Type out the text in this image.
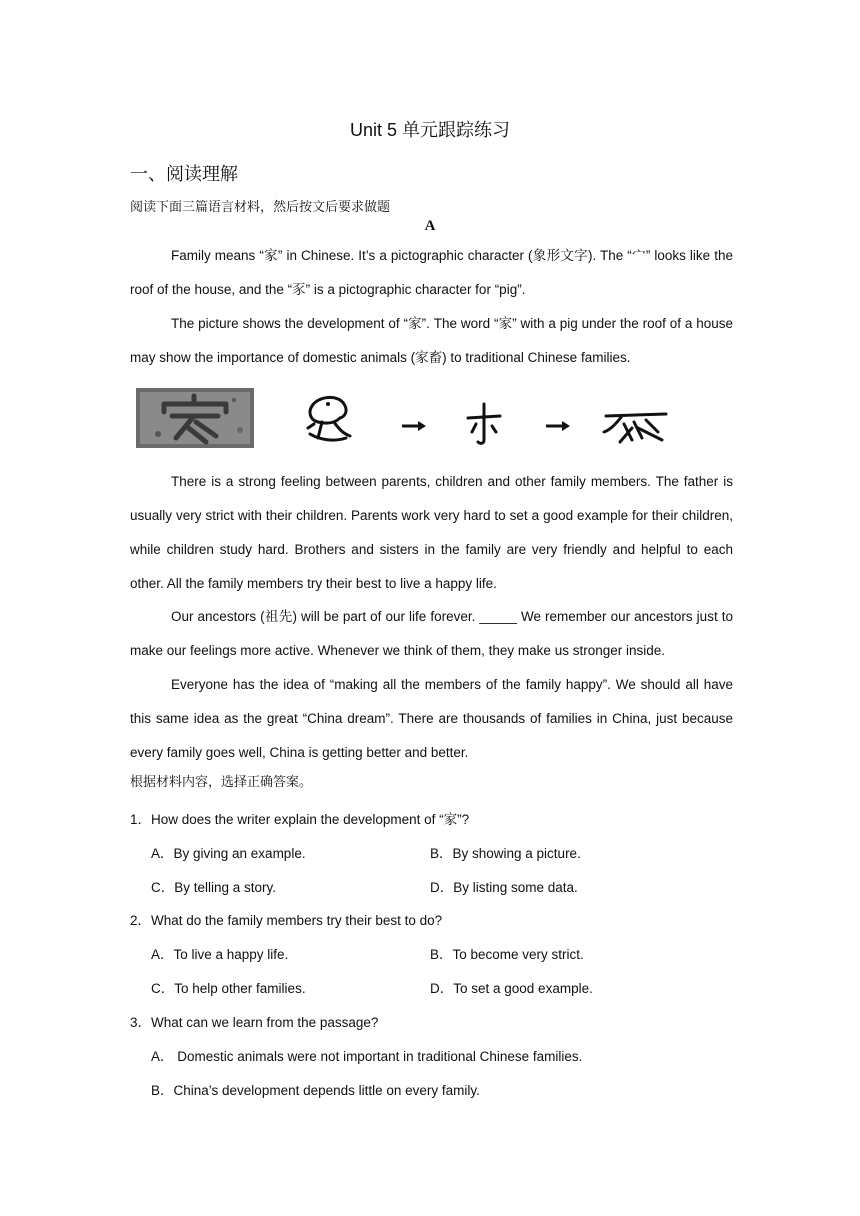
Unit 5 单元跟踪练习
一、阅读理解
阅读下面三篇语言材料，然后按文后要求做题
A

Family means “家” in Chinese. It’s a pictographic character (象形文字). The “宀” looks like the roof of the house, and the “豕” is a pictographic character for “pig”.

The picture shows the development of “家”. The word “家” with a pig under the roof of a house may show the importance of domestic animals (家畜) to traditional Chinese families.

There is a strong feeling between parents, children and other family members. The father is usually very strict with their children. Parents work very hard to set a good example for their children, while children study hard. Brothers and sisters in the family are very friendly and helpful to each other. All the family members try their best to live a happy life.

Our ancestors (祖先) will be part of our life forever. _____ We remember our ancestors just to make our feelings more active. Whenever we think of them, they make us stronger inside.

Everyone has the idea of “making all the members of the family happy”. We should all have this same idea as the great “China dream”. There are thousands of families in China, just because every family goes well, China is getting better and better.

根据材料内容，选择正确答案。

1．How does the writer explain the development of “家”?

A．By giving an example.	B．By showing a picture.

C．By telling a story.	D．By listing some data.

2．What do the family members try their best to do?

A．To live a happy life.	B．To become very strict.

C．To help other families.	D．To set a good example.

3．What can we learn from the passage?

A． Domestic animals were not important in traditional Chinese families.

B．China’s development depends little on every family.
